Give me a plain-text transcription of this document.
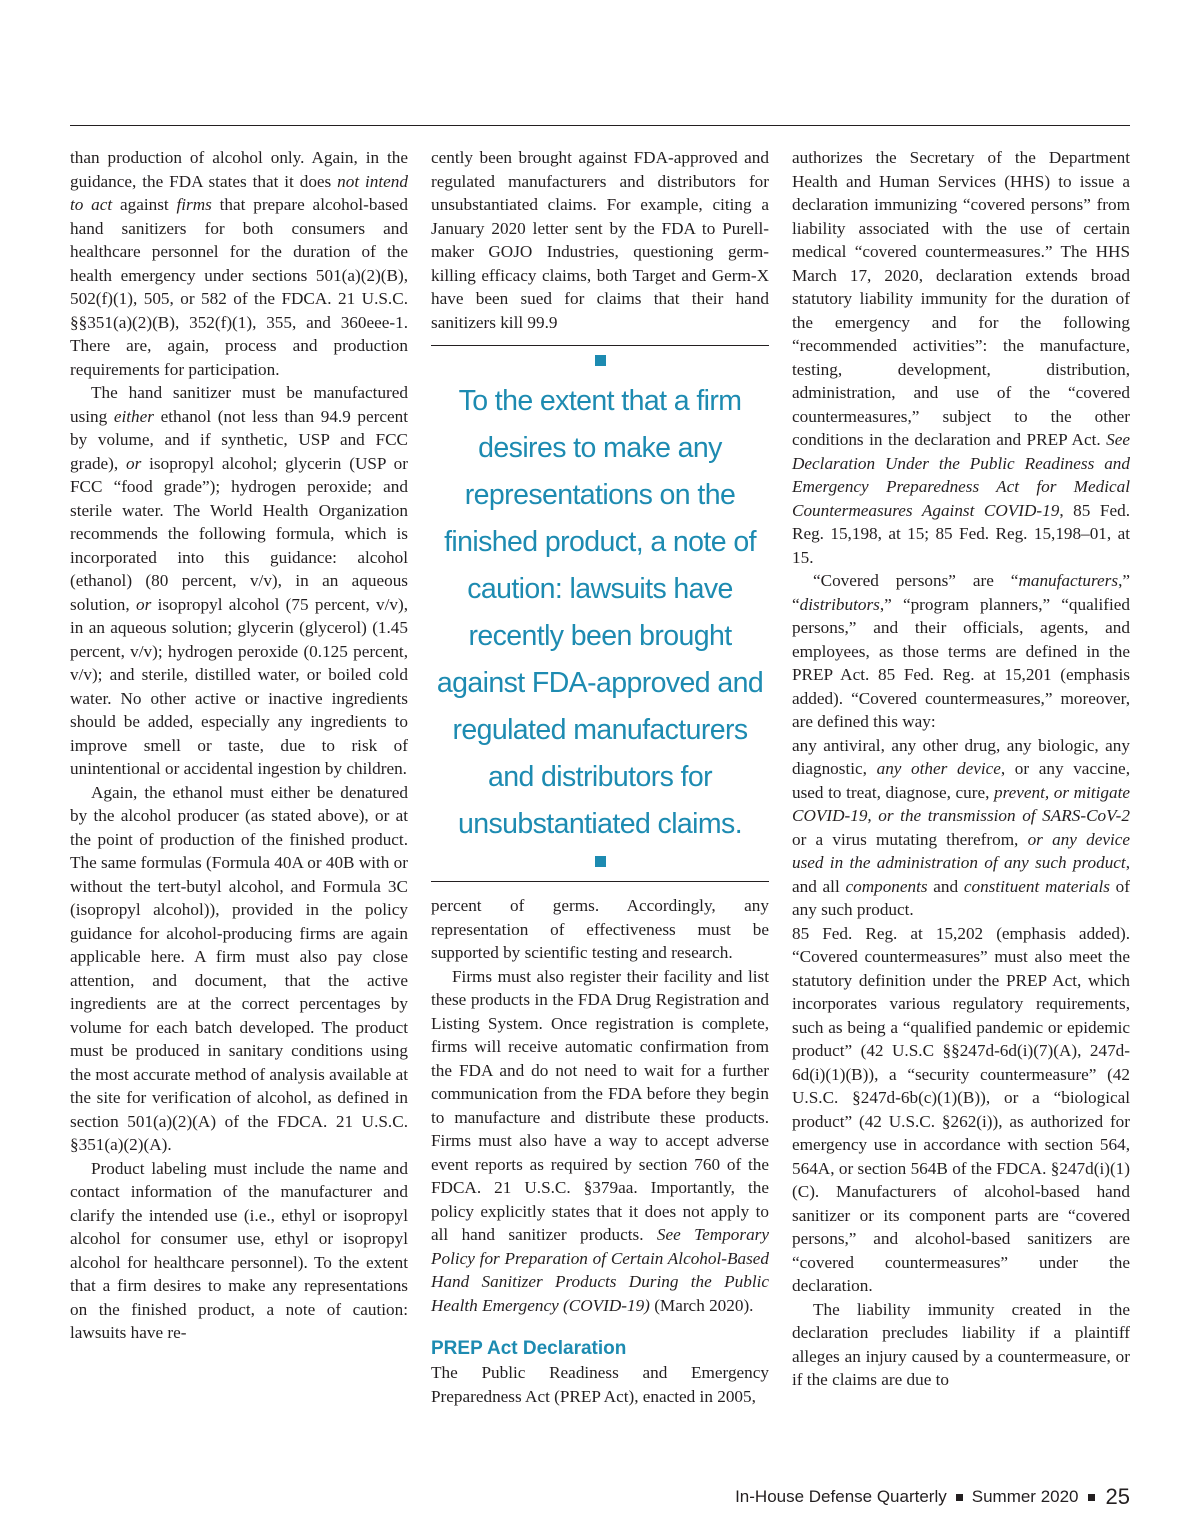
than production of alcohol only. Again, in the guidance, the FDA states that it does not intend to act against firms that prepare alcohol-based hand sanitizers for both consumers and healthcare personnel for the duration of the health emergency under sections 501(a)(2)(B), 502(f)(1), 505, or 582 of the FDCA. 21 U.S.C. §§351(a)(2)(B), 352(f)(1), 355, and 360eee-1. There are, again, process and production requirements for participation.

The hand sanitizer must be manufactured using either ethanol (not less than 94.9 percent by volume, and if synthetic, USP and FCC grade), or isopropyl alcohol; glycerin (USP or FCC “food grade”); hydrogen peroxide; and sterile water. The World Health Organization recommends the following formula, which is incorporated into this guidance: alcohol (ethanol) (80 percent, v/v), in an aqueous solution, or isopropyl alcohol (75 percent, v/v), in an aqueous solution; glycerin (glycerol) (1.45 percent, v/v); hydrogen peroxide (0.125 percent, v/v); and sterile, distilled water, or boiled cold water. No other active or inactive ingredients should be added, especially any ingredients to improve smell or taste, due to risk of unintentional or accidental ingestion by children.

Again, the ethanol must either be denatured by the alcohol producer (as stated above), or at the point of production of the finished product. The same formulas (Formula 40A or 40B with or without the tert-butyl alcohol, and Formula 3C (isopropyl alcohol)), provided in the policy guidance for alcohol-producing firms are again applicable here. A firm must also pay close attention, and document, that the active ingredients are at the correct percentages by volume for each batch developed. The product must be produced in sanitary conditions using the most accurate method of analysis available at the site for verification of alcohol, as defined in section 501(a)(2)(A) of the FDCA. 21 U.S.C. §351(a)(2)(A).

Product labeling must include the name and contact information of the manufacturer and clarify the intended use (i.e., ethyl or isopropyl alcohol for consumer use, ethyl or isopropyl alcohol for healthcare personnel). To the extent that a firm desires to make any representations on the finished product, a note of caution: lawsuits have re-

cently been brought against FDA-approved and regulated manufacturers and distributors for unsubstantiated claims. For example, citing a January 2020 letter sent by the FDA to Purell-maker GOJO Industries, questioning germ-killing efficacy claims, both Target and Germ-X have been sued for claims that their hand sanitizers kill 99.9

To the extent that a firm desires to make any representations on the finished product, a note of caution: lawsuits have recently been brought against FDA-approved and regulated manufacturers and distributors for unsubstantiated claims.

percent of germs. Accordingly, any representation of effectiveness must be supported by scientific testing and research.

Firms must also register their facility and list these products in the FDA Drug Registration and Listing System. Once registration is complete, firms will receive automatic confirmation from the FDA and do not need to wait for a further communication from the FDA before they begin to manufacture and distribute these products. Firms must also have a way to accept adverse event reports as required by section 760 of the FDCA. 21 U.S.C. §379aa. Importantly, the policy explicitly states that it does not apply to all hand sanitizer products. See Temporary Policy for Preparation of Certain Alcohol-Based Hand Sanitizer Products During the Public Health Emergency (COVID-19) (March 2020).

PREP Act Declaration

The Public Readiness and Emergency Preparedness Act (PREP Act), enacted in 2005,

authorizes the Secretary of the Department Health and Human Services (HHS) to issue a declaration immunizing “covered persons” from liability associated with the use of certain medical “covered countermeasures.” The HHS March 17, 2020, declaration extends broad statutory liability immunity for the duration of the emergency and for the following “recommended activities”: the manufacture, testing, development, distribution, administration, and use of the “covered countermeasures,” subject to the other conditions in the declaration and PREP Act. See Declaration Under the Public Readiness and Emergency Preparedness Act for Medical Countermeasures Against COVID-19, 85 Fed. Reg. 15,198, at 15; 85 Fed. Reg. 15,198–01, at 15.

“Covered persons” are “manufacturers,” “distributors,” “program planners,” “qualified persons,” and their officials, agents, and employees, as those terms are defined in the PREP Act. 85 Fed. Reg. at 15,201 (emphasis added). “Covered countermeasures,” moreover, are defined this way:

any antiviral, any other drug, any biologic, any diagnostic, any other device, or any vaccine, used to treat, diagnose, cure, prevent, or mitigate COVID-19, or the transmission of SARS-CoV-2 or a virus mutating therefrom, or any device used in the administration of any such product, and all components and constituent materials of any such product.

85 Fed. Reg. at 15,202 (emphasis added). “Covered countermeasures” must also meet the statutory definition under the PREP Act, which incorporates various regulatory requirements, such as being a “qualified pandemic or epidemic product” (42 U.S.C §§247d-6d(i)(7)(A), 247d-6d(i)(1)(B)), a “security countermeasure” (42 U.S.C. §247d-6b(c)(1)(B)), or a “biological product” (42 U.S.C. §262(i)), as authorized for emergency use in accordance with section 564, 564A, or section 564B of the FDCA. §247d(i)(1)(C). Manufacturers of alcohol-based hand sanitizer or its component parts are “covered persons,” and alcohol-based sanitizers are “covered countermeasures” under the declaration.

The liability immunity created in the declaration precludes liability if a plaintiff alleges an injury caused by a countermeasure, or if the claims are due to

In-House Defense Quarterly Summer 2020 25
